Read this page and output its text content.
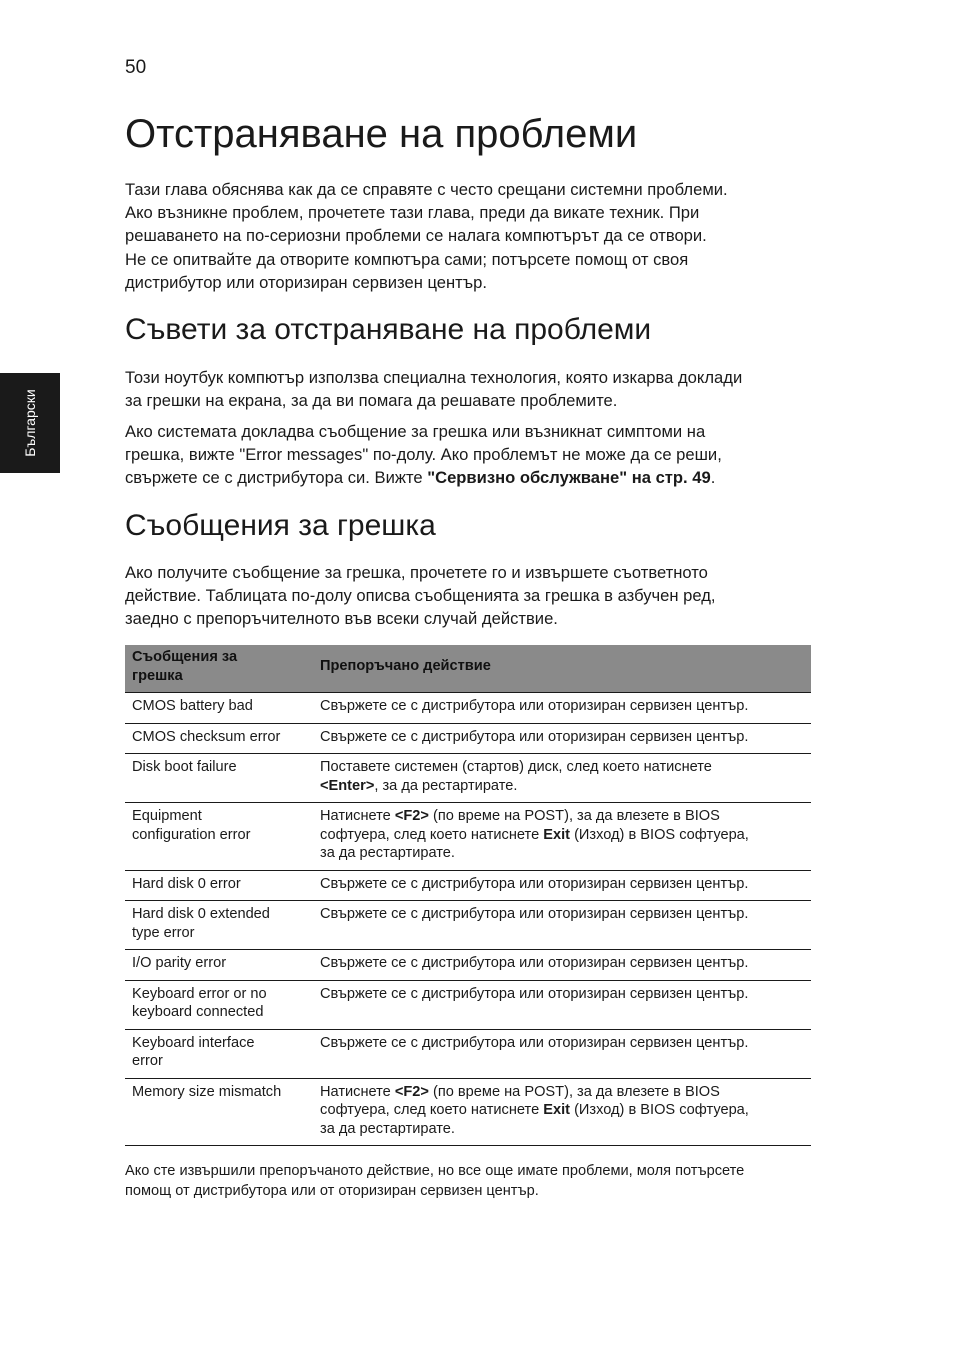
50
Български
Отстраняване на проблеми

Тази глава обяснява как да се справяте с често срещани системни проблеми.
Ако възникне проблем, прочетете тази глава, преди да викате техник. При
решаването на по-сериозни проблеми се налага компютърът да се отвори.
Не се опитвайте да отворите компютъра сами; потърсете помощ от своя
дистрибутор или оторизиран сервизен център.

Съвети за отстраняване на проблеми

Този ноутбук компютър използва специална технология, която изкарва доклади
за грешки на екрана, за да ви помага да решавате проблемите.

Ако системата докладва съобщение за грешка или възникнат симптоми на
грешка, вижте "Error messages" по-долу. Ако проблемът не може да се реши,
свържете се с дистрибутора си. Вижте "Сервизно обслужване" на стр. 49.

Съобщения за грешка

Ако получите съобщение за грешка, прочетете го и извършете съответното
действие. Таблицата по-долу описва съобщенията за грешка в азбучен ред,
заедно с препоръчителното във всеки случай действие.

Съобщения за
грешка	Препоръчано действие

CMOS battery bad	Свържете се с дистрибутора или оторизиран сервизен център.

CMOS checksum error	Свържете се с дистрибутора или оторизиран сервизен център.

Disk boot failure	Поставете системен (стартов) диск, след което натиснете
<Enter>, за да рестартирате.

Equipment
configuration error	Натиснете <F2> (по време на POST), за да влезете в BIOS
софтуера, след което натиснете Exit (Изход) в BIOS софтуера,
за да рестартирате.

Hard disk 0 error	Свържете се с дистрибутора или оторизиран сервизен център.

Hard disk 0 extended
type error	Свържете се с дистрибутора или оторизиран сервизен център.

I/O parity error	Свържете се с дистрибутора или оторизиран сервизен център.

Keyboard error or no
keyboard connected	Свържете се с дистрибутора или оторизиран сервизен център.

Keyboard interface
error	Свържете се с дистрибутора или оторизиран сервизен център.

Memory size mismatch	Натиснете <F2> (по време на POST), за да влезете в BIOS
софтуера, след което натиснете Exit (Изход) в BIOS софтуера,
за да рестартирате.
Ако сте извършили препоръчаното действие, но все още имате проблеми, моля потърсете
помощ от дистрибутора или от оторизиран сервизен център.
